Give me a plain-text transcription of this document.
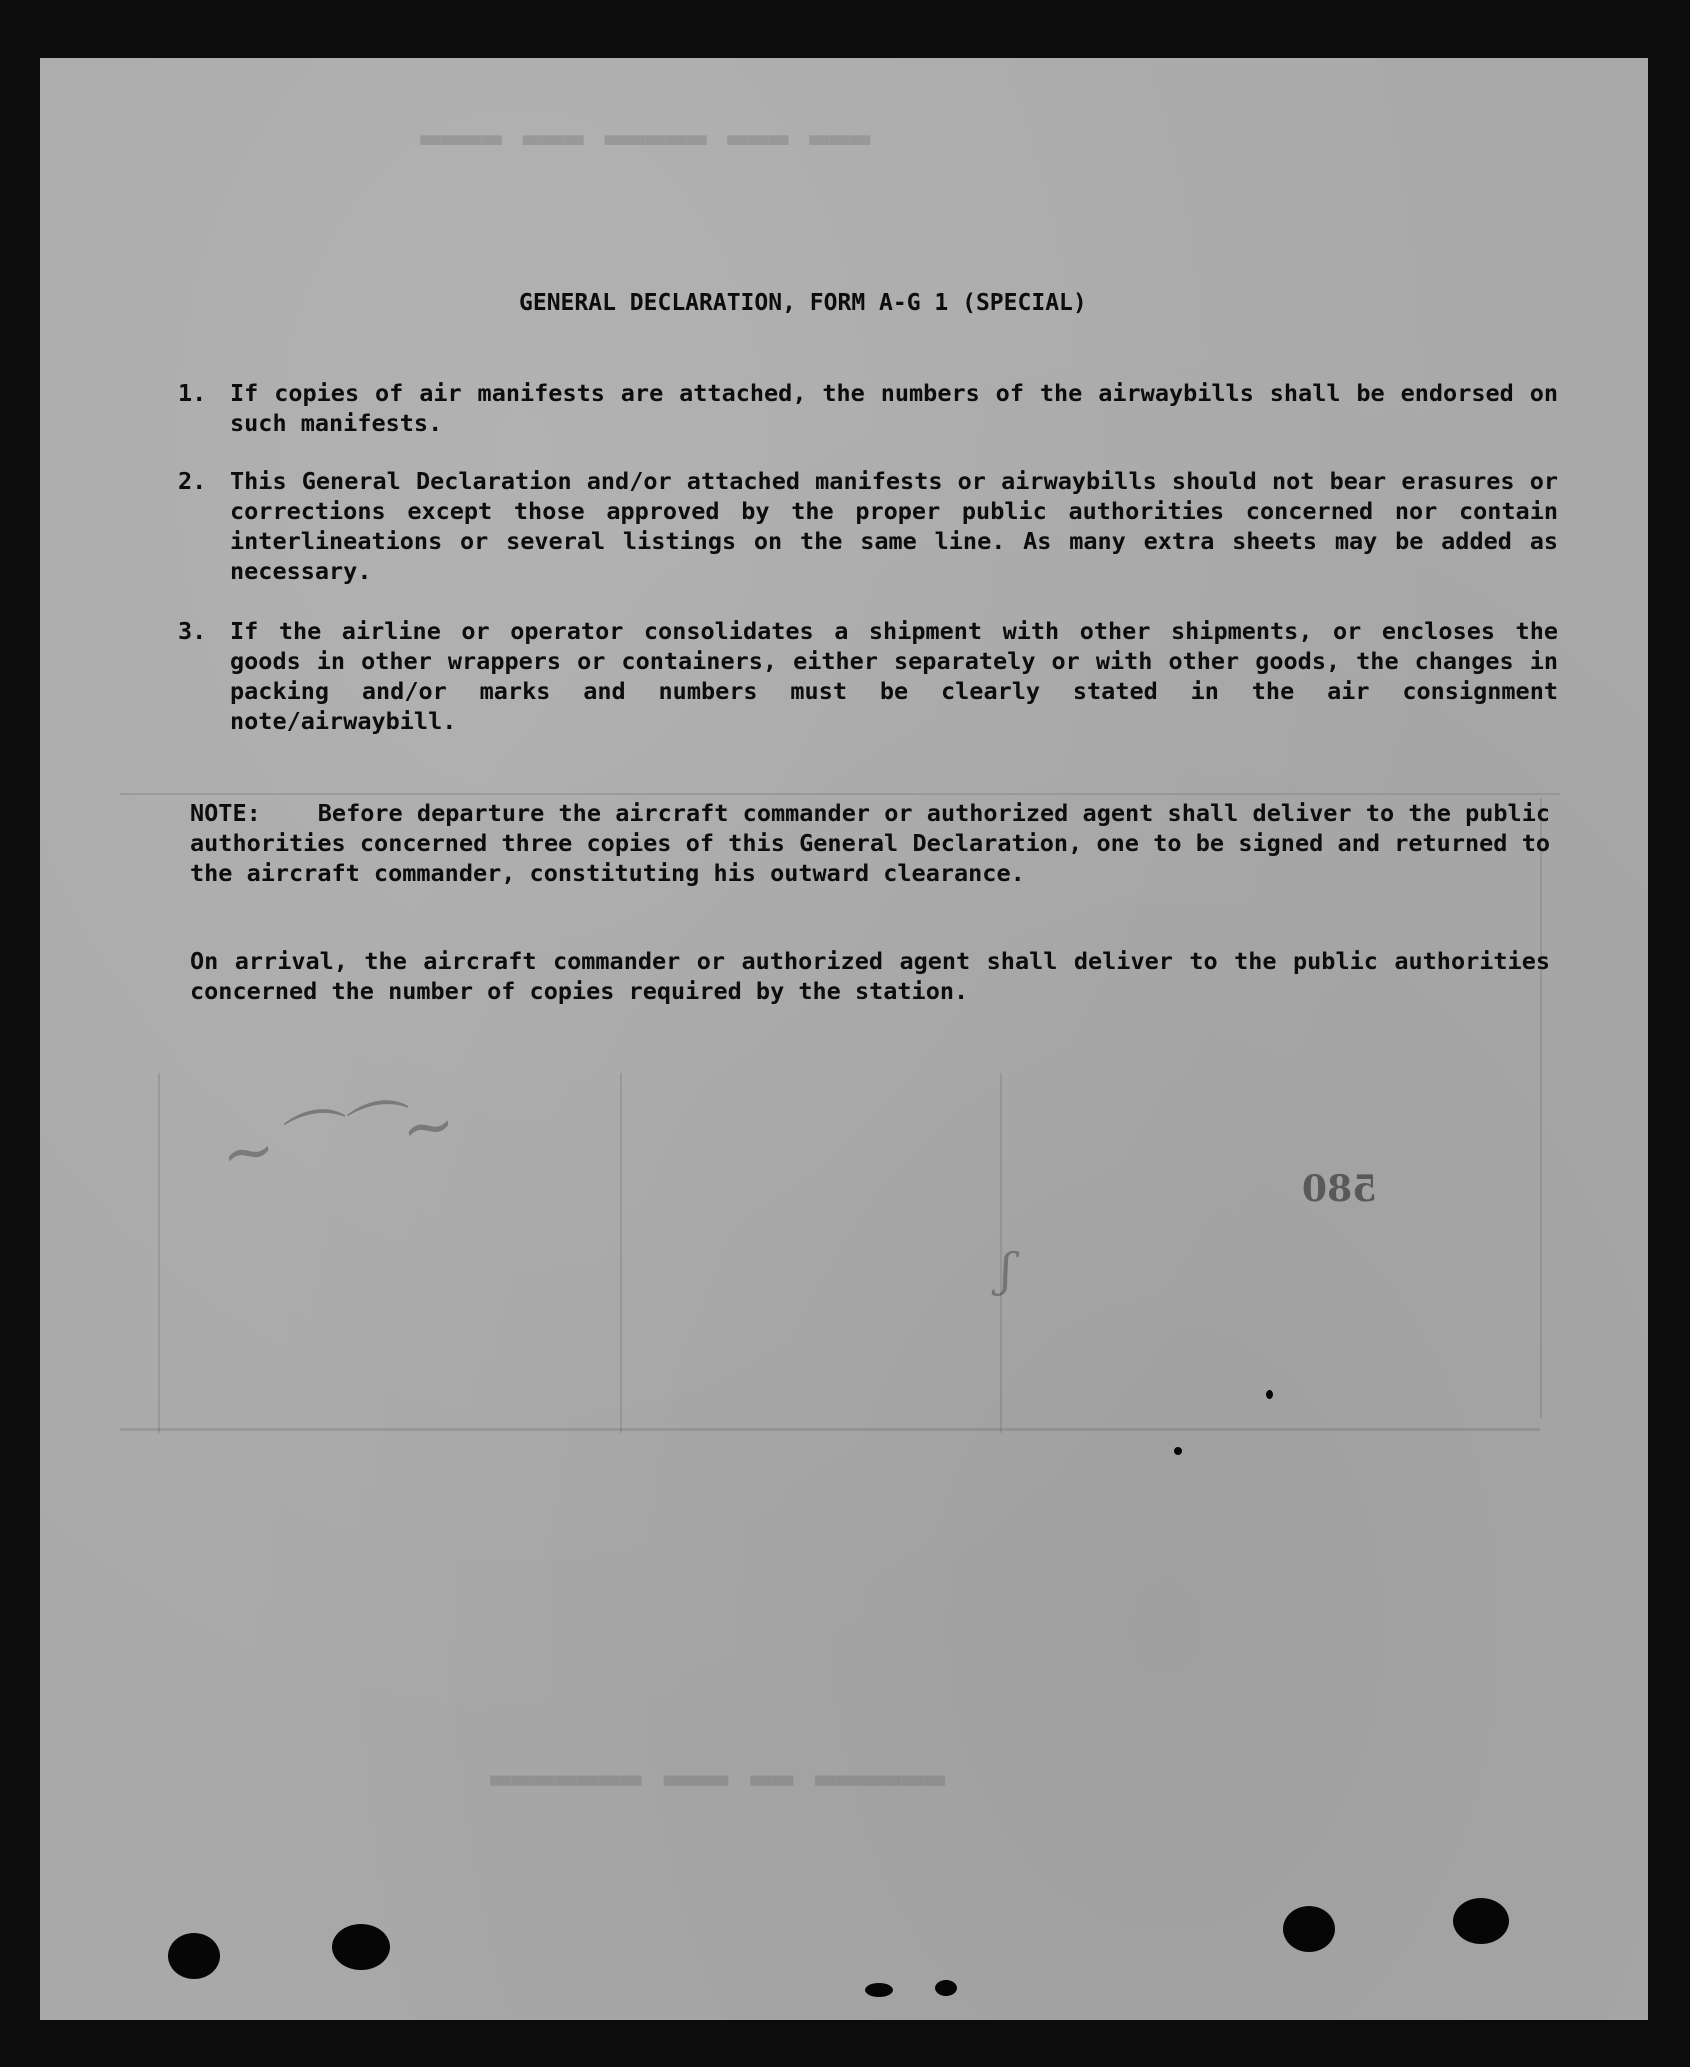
▬▬▬ ▬▬▬ ▬▬▬▬▬ ▬▬▬ ▬▬▬▬
▬▬▬▬▬▬ ▬▬ ▬▬▬ ▬▬▬▬▬▬▬
~⌒⌒~
ʃ
GENERAL DECLARATION, FORM A-G 1 (SPECIAL)
1.	If copies of air manifests are attached, the numbers of the airwaybills shall be endorsed on such manifests.
2.	This General Declaration and/or attached manifests or airwaybills should not bear erasures or corrections except those approved by the proper public authorities concerned nor contain interlineations or several listings on the same line. As many extra sheets may be added as necessary.
3.	If the airline or operator consolidates a shipment with other shipments, or encloses the goods in other wrappers or containers, either separately or with other goods, the changes in packing and/or marks and numbers must be clearly stated in the air consignment note/airwaybill.
NOTE: Before departure the aircraft commander or authorized agent shall deliver to the public authorities concerned three copies of this General Declaration, one to be signed and returned to the aircraft commander, constituting his outward clearance.
On arrival, the aircraft commander or authorized agent shall deliver to the public authorities concerned the number of copies required by the station.
580
